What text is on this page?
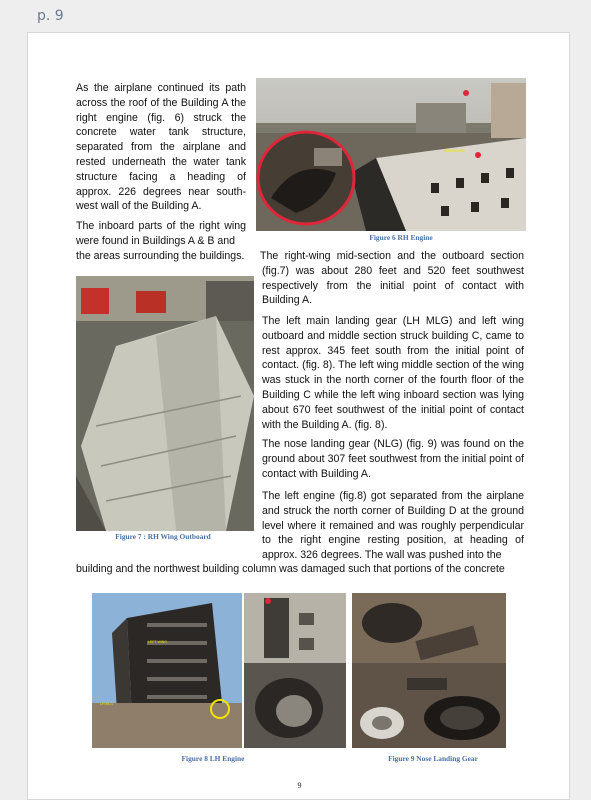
p. 9
As the airplane continued its path across the roof of the Building A the right engine (fig. 6) struck the concrete water tank structure, separated from the airplane and rested underneath the water tank structure facing a heading of approx. 226 degrees near south-west wall of the Building A.
RH ENGINE
Figure 6 RH Engine
The inboard parts of the right wing were found in Buildings A & B and
the areas surrounding the buildings.	The right-wing mid-section and the outboard section (fig.7) was about 280 feet and 520 feet southwest respectively from the initial point of contact with Building A.
Figure 7 : RH Wing Outboard
The left main landing gear (LH MLG) and left wing outboard and middle section struck building C, came to rest approx. 345 feet south from the initial point of contact. (fig. 8). The left wing middle section of the wing was stuck in the north corner of the fourth floor of the Building C while the left wing inboard section was lying about 670 feet southwest of the initial point of contact with the Building A. (fig. 8).
The nose landing gear (NLG) (fig. 9) was found on the ground about 307 feet southwest from the initial point of contact with Building A.
The left engine (fig.8) got separated from the airplane and struck the north corner of Building D at the ground level where it remained and was roughly perpendicular to the right engine resting position, at heading of approx. 326 degrees. The wall was pushed into the
building and the northwest building column was damaged such that portions of the concrete
LEFT WING
LH MLG
Figure 8 LH Engine	Figure 9 Nose Landing Gear
9
